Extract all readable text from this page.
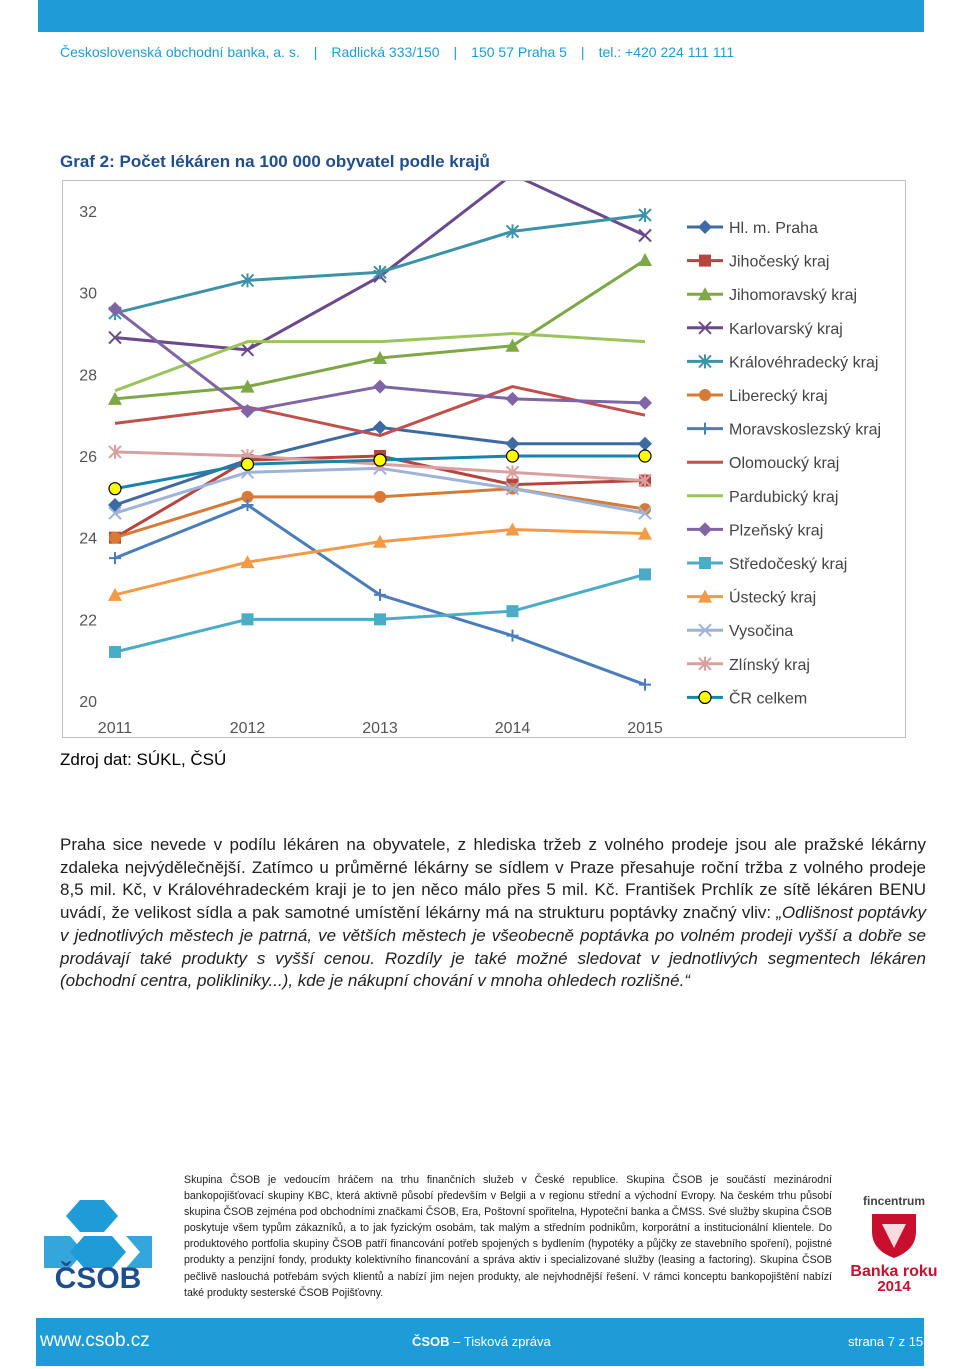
Československá obchodní banka, a. s. | Radlická 333/150 | 150 57 Praha 5 | tel.: +420 224 111 111
Graf 2: Počet lékáren na 100 000 obyvatel podle krajů
20
22
24
26
28
30
32
2011	2012	2013	2014	2015
Hl. m. Praha
Jihočeský kraj
Jihomoravský kraj
Karlovarský kraj
Královéhradecký kraj
Liberecký kraj
Moravskoslezský kraj
Olomoucký kraj
Pardubický kraj
Plzeňský kraj
Středočeský kraj
Ústecký kraj
Vysočina
Zlínský kraj
ČR celkem
Zdroj dat: SÚKL, ČSÚ
Praha sice nevede v podílu lékáren na obyvatele, z hlediska tržeb z volného prodeje jsou ale pražské lékárny zdaleka nejvýdělečnější. Zatímco u průměrné lékárny se sídlem v Praze přesahuje roční tržba z volného prodeje 8,5 mil. Kč, v Královéhradeckém kraji je to jen něco málo přes 5 mil. Kč. František Prchlík ze sítě lékáren BENU uvádí, že velikost sídla a pak samotné umístění lékárny má na strukturu poptávky značný vliv: „Odlišnost poptávky v jednotlivých městech je patrná, ve větších městech je všeobecně poptávka po volném prodeji vyšší a dobře se prodávají také produkty s vyšší cenou. Rozdíly je také možné sledovat v jednotlivých segmentech lékáren (obchodní centra, polikliniky...), kde je nákupní chování v mnoha ohledech rozlišné.“
ČSOB
Skupina ČSOB je vedoucím hráčem na trhu finančních služeb v České republice. Skupina ČSOB je součástí mezinárodní bankopojišťovací skupiny KBC, která aktivně působí především v Belgii a v regionu střední a východní Evropy. Na českém trhu působí skupina ČSOB zejména pod obchodními značkami ČSOB, Era, Poštovní spořitelna, Hypoteční banka a ČMSS. Své služby skupina ČSOB poskytuje všem typům zákazníků, a to jak fyzickým osobám, tak malým a středním podnikům, korporátní a institucionální klientele. Do produktového portfolia skupiny ČSOB patří financování potřeb spojených s bydlením (hypotéky a půjčky ze stavebního spoření), pojistné produkty a penzijní fondy, produkty kolektivního financování a správa aktiv i specializované služby (leasing a factoring). Skupina ČSOB pečlivě naslouchá potřebám svých klientů a nabízí jim nejen produkty, ale nejvhodnější řešení. V rámci konceptu bankopojištění nabízí také produkty sesterské ČSOB Pojišťovny.
fincentrum
Banka roku
2014
www.csob.cz	ČSOB – Tisková zpráva	strana 7 z 15
